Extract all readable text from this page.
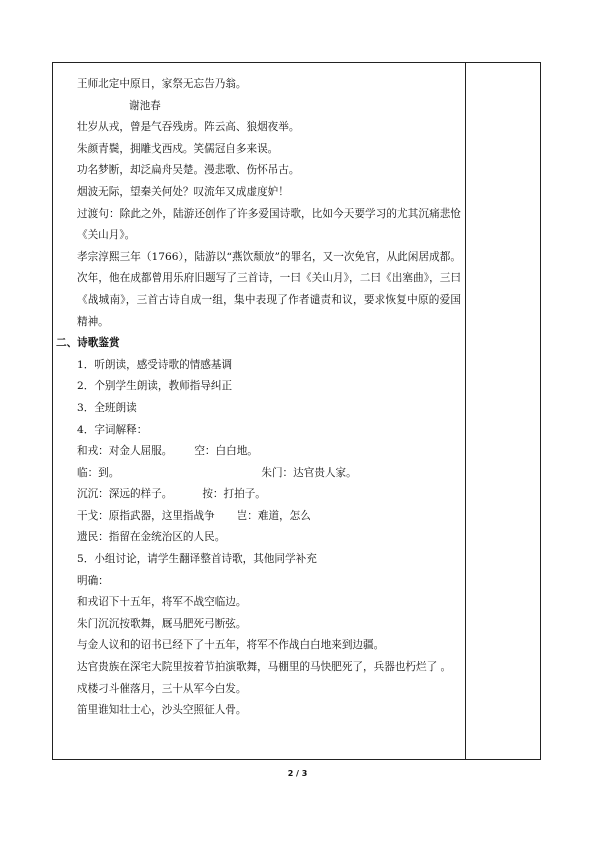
王师北定中原日，家祭无忘告乃翁。

谢池春

壮岁从戎，曾是气吞残虏。阵云高、狼烟夜举。

朱颜青鬓，拥雕戈西戍。笑儒冠自多来误。

功名梦断，却泛扁舟吴楚。漫悲歌、伤怀吊古。

烟波无际，望秦关何处？叹流年又成虚度妒！

过渡句：除此之外，陆游还创作了许多爱国诗歌，比如今天要学习的尤其沉痛悲怆《关山月》。

孝宗淳熙三年（1766），陆游以“燕饮颓放”的罪名，又一次免官，从此闲居成都。次年，他在成都曾用乐府旧题写了三首诗，一曰《关山月》，二曰《出塞曲》，三曰《战城南》，三首古诗自成一组，集中表现了作者谴责和议，要求恢复中原的爱国精神。

二、诗歌鉴赏

1．听朗读，感受诗歌的情感基调

2．个别学生朗读，教师指导纠正

3．全班朗读

4．字词解释：

和戎：对金人屈服。 空：白白地。

临：到。	朱门：达官贵人家。

沉沉：深远的样子。	按：打拍子。

干戈：原指武器，这里指战争 岂：难道，怎么

遗民：指留在金统治区的人民。

5．小组讨论，请学生翻译整首诗歌，其他同学补充

明确：

和戎诏下十五年，将军不战空临边。

朱门沉沉按歌舞，厩马肥死弓断弦。

与金人议和的诏书已经下了十五年，将军不作战白白地来到边疆。

达官贵族在深宅大院里按着节拍演歌舞，马棚里的马快肥死了，兵器也朽烂了 。

戍楼刁斗催落月，三十从军今白发。

笛里谁知壮士心，沙头空照征人骨。

2 / 3
